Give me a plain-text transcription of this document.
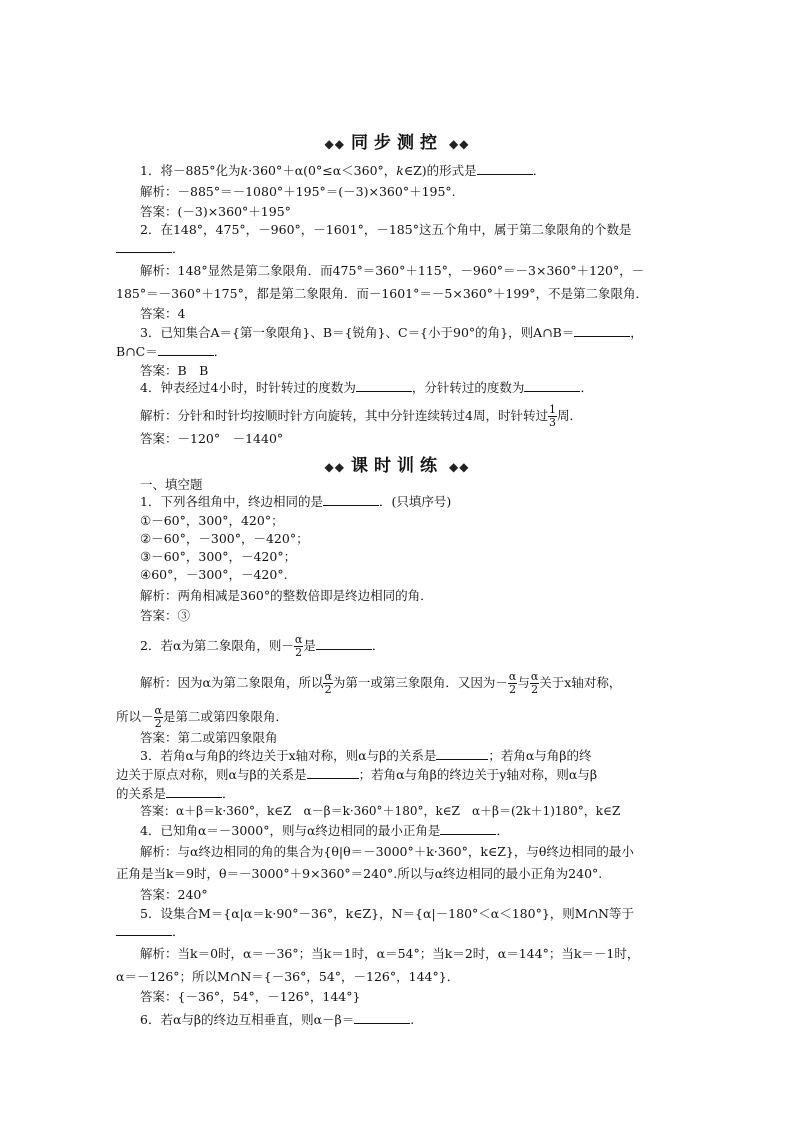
◆◆ 同步测控 ◆◆
1．将－885°化为k·360°＋α(0°≤α＜360°，k∈Z)的形式是	．
解析：－885°＝－1080°＋195°＝(－3)×360°＋195°.
答案：(－3)×360°＋195°
2．在148°，475°，－960°，－1601°，－185°这五个角中，属于第二象限角的个数是
．
解析：148°显然是第二象限角．而475°＝360°＋115°，－960°＝－3×360°＋120°，－
185°＝－360°＋175°，都是第二象限角．而－1601°＝－5×360°＋199°，不是第二象限角．
答案：4
3．已知集合A＝{第一象限角}、B＝{锐角}、C＝{小于90°的角}，则A∩B＝	，
B∩C＝	．
答案：B　B
4．钟表经过4小时，时针转过的度数为	，分针转过的度数为	．
解析：分针和时针均按顺时针方向旋转，其中分针连续转过4周，时针转过 $\frac{1}{3}$ 周．
答案：－120°　－1440°
◆◆ 课时训练 ◆◆
一、填空题
1．下列各组角中，终边相同的是	．(只填序号)
①－60°，300°，420°；
②－60°，－300°，－420°；
③－60°，300°，－420°；
④60°，－300°，－420°.
解析：两角相减是360°的整数倍即是终边相同的角．
答案：③
2．若α为第二象限角，则－ $\frac{\alpha}{2}$ 是	．
解析：因为α为第二象限角，所以 $\frac{\alpha}{2}$ 为第一或第三象限角．又因为－ $\frac{\alpha}{2}$ 与 $\frac{\alpha}{2}$ 关于x轴对称，
所以－ $\frac{\alpha}{2}$ 是第二或第四象限角．
答案：第二或第四象限角
3．若角α与角β的终边关于x轴对称，则α与β的关系是	；若角α与角β的终
边关于原点对称，则α与β的关系是	；若角α与角β的终边关于y轴对称，则α与β
的关系是	．
答案：α＋β＝k·360°，k∈Z　α－β＝k·360°＋180°，k∈Z　α＋β＝(2k＋1)180°，k∈Z
4．已知角α＝－3000°，则与α终边相同的最小正角是	．
解析：与α终边相同的角的集合为{θ|θ＝－3000°＋k·360°，k∈Z}，与θ终边相同的最小
正角是当k＝9时，θ＝－3000°＋9×360°＝240°.所以与α终边相同的最小正角为240°.
答案：240°
5．设集合M＝{α|α＝k·90°－36°，k∈Z}，N＝{α|－180°＜α＜180°}，则M∩N等于
．
解析：当k＝0时，α＝－36°；当k＝1时，α＝54°；当k＝2时，α＝144°；当k＝－1时，
α＝－126°；所以M∩N＝{－36°，54°，－126°，144°}．
答案：{－36°，54°，－126°，144°}
6．若α与β的终边互相垂直，则α－β＝	.
